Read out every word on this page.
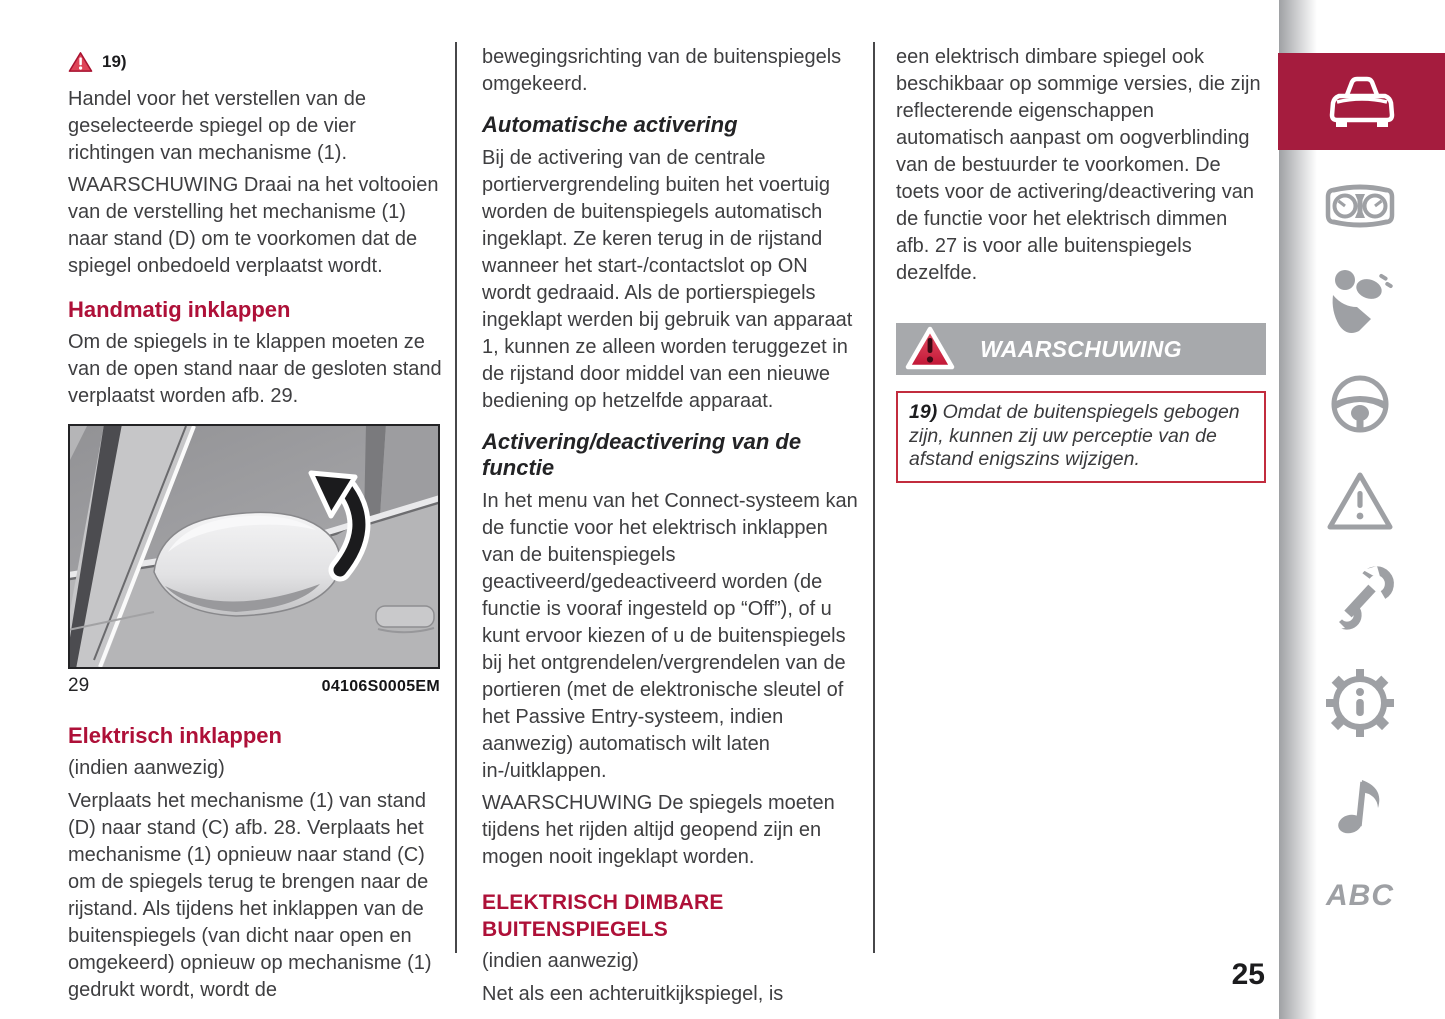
19)

Handel voor het verstellen van de geselecteerde spiegel op de vier richtingen van mechanisme (1).

WAARSCHUWING Draai na het voltooien van de verstelling het mechanisme (1) naar stand (D) om te voorkomen dat de spiegel onbedoeld verplaatst wordt.

Handmatig inklappen

Om de spiegels in te klappen moeten ze van de open stand naar de gesloten stand verplaatst worden afb. 29.

29	04106S0005EM
Elektrisch inklappen

(indien aanwezig)

Verplaats het mechanisme (1) van stand (D) naar stand (C) afb. 28. Verplaats het mechanisme (1) opnieuw naar stand (C) om de spiegels terug te brengen naar de rijstand. Als tijdens het inklappen van de buitenspiegels (van dicht naar open en omgekeerd) opnieuw op mechanisme (1) gedrukt wordt, wordt de

bewegingsrichting van de buitenspiegels omgekeerd.

Automatische activering

Bij de activering van de centrale portiervergrendeling buiten het voertuig worden de buitenspiegels automatisch ingeklapt. Ze keren terug in de rijstand wanneer het start-/contactslot op ON wordt gedraaid. Als de portierspiegels ingeklapt werden bij gebruik van apparaat 1, kunnen ze alleen worden teruggezet in de rijstand door middel van een nieuwe bediening op hetzelfde apparaat.

Activering/deactivering van de functie

In het menu van het Connect-systeem kan de functie voor het elektrisch inklappen van de buitenspiegels geactiveerd/gedeactiveerd worden (de functie is vooraf ingesteld op “Off”), of u kunt ervoor kiezen of u de buitenspiegels bij het ontgrendelen/vergrendelen van de portieren (met de elektronische sleutel of het Passive Entry-systeem, indien aanwezig) automatisch wilt laten in-/uitklappen.

WAARSCHUWING De spiegels moeten tijdens het rijden altijd geopend zijn en mogen nooit ingeklapt worden.

ELEKTRISCH DIMBARE BUITENSPIEGELS

(indien aanwezig)

Net als een achteruitkijkspiegel, is

een elektrisch dimbare spiegel ook beschikbaar op sommige versies, die zijn reflecterende eigenschappen automatisch aanpast om oogverblinding van de bestuurder te voorkomen. De toets voor de activering/deactivering van de functie voor het elektrisch dimmen afb. 27 is voor alle buitenspiegels dezelfde.

WAARSCHUWING
19) Omdat de buitenspiegels gebogen zijn, kunnen zij uw perceptie van de afstand enigszins wijzigen.
ABC
25
